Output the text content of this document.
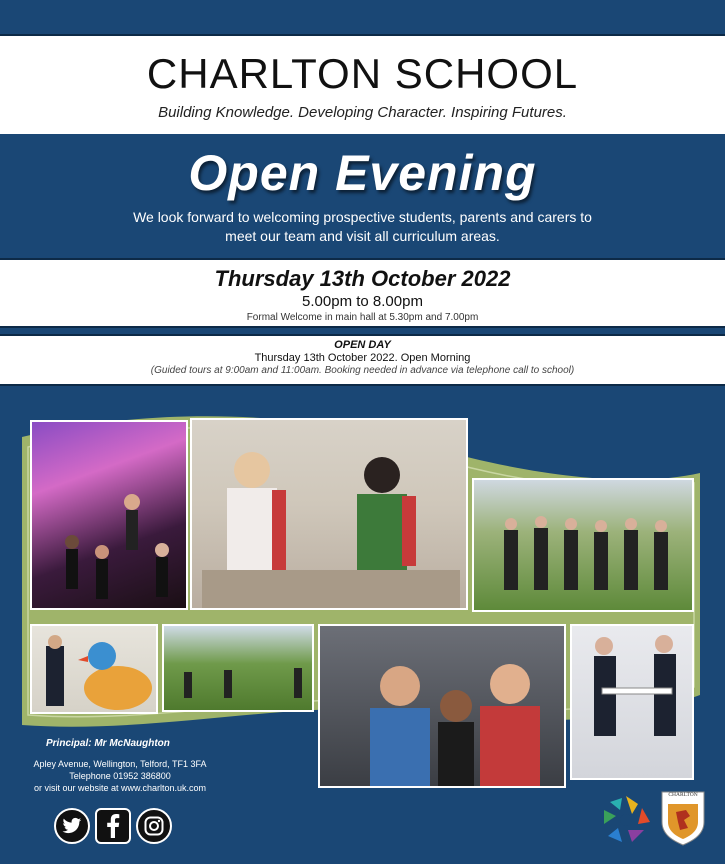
CHARLTON SCHOOL
Building Knowledge. Developing Character. Inspiring Futures.
Open Evening
We look forward to welcoming prospective students, parents and carers to
meet our team and visit all curriculum areas.
Thursday 13th October 2022
5.00pm to 8.00pm
Formal Welcome in main hall at 5.30pm and 7.00pm
OPEN DAY
Thursday 13th October 2022. Open Morning
(Guided tours at 9:00am and 11:00am. Booking needed in advance via telephone call to school)
Principal: Mr McNaughton
Apley Avenue, Wellington, Telford, TF1 3FA
Telephone 01952 386800
or visit our website at www.charlton.uk.com
CHARLTON
